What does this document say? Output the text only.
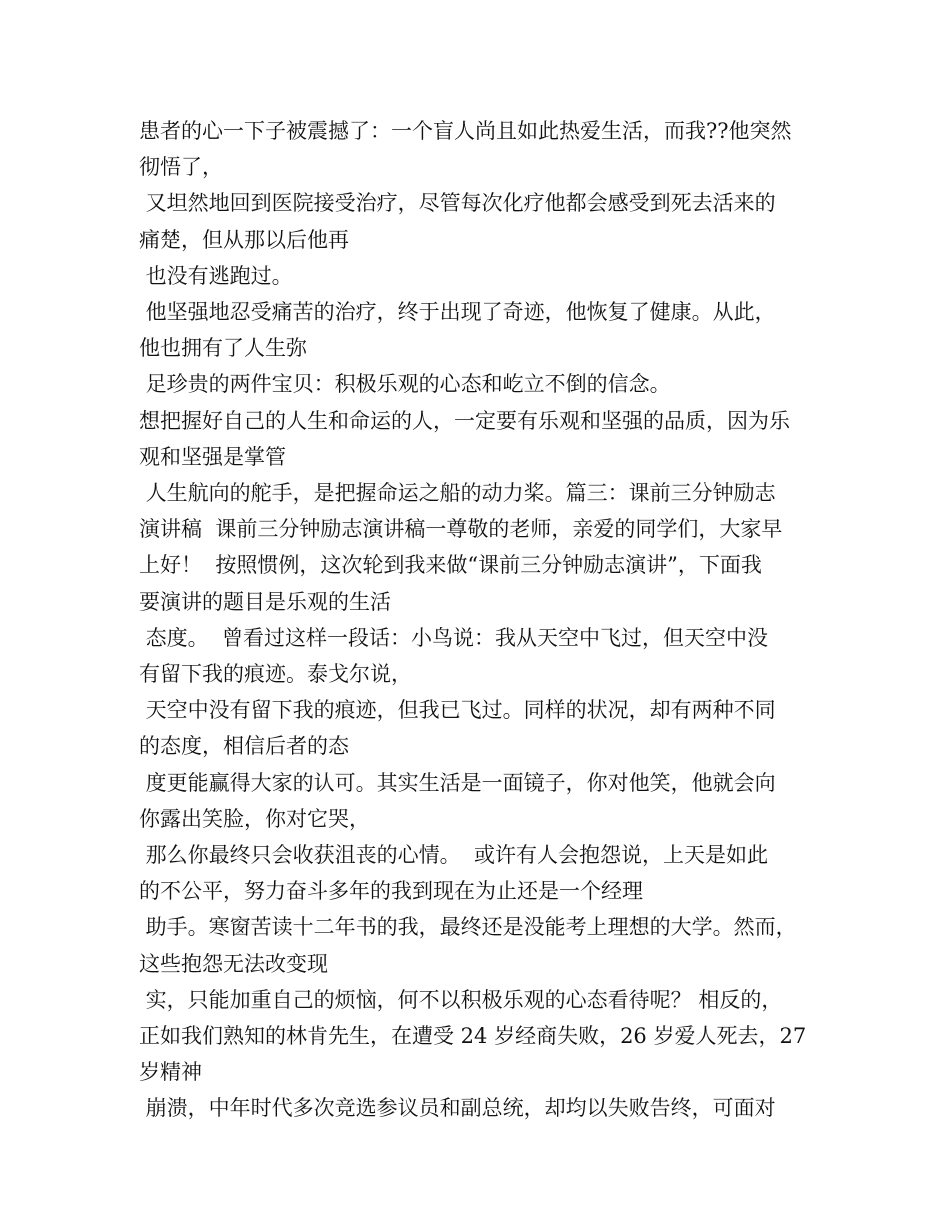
患者的心一下子被震撼了：一个盲人尚且如此热爱生活，而我??他突然
彻悟了，
又坦然地回到医院接受治疗，尽管每次化疗他都会感受到死去活来的
痛楚，但从那以后他再
也没有逃跑过。
他坚强地忍受痛苦的治疗，终于出现了奇迹，他恢复了健康。从此，
他也拥有了人生弥
足珍贵的两件宝贝：积极乐观的心态和屹立不倒的信念。
想把握好自己的人生和命运的人，一定要有乐观和坚强的品质，因为乐
观和坚强是掌管
人生航向的舵手，是把握命运之船的动力桨。篇三：课前三分钟励志
演讲稿  课前三分钟励志演讲稿一尊敬的老师，亲爱的同学们，大家早
上好！  按照惯例，这次轮到我来做“课前三分钟励志演讲”，下面我
要演讲的题目是乐观的生活
态度。  曾看过这样一段话：小鸟说：我从天空中飞过，但天空中没
有留下我的痕迹。泰戈尔说，
天空中没有留下我的痕迹，但我已飞过。同样的状况，却有两种不同
的态度，相信后者的态
度更能赢得大家的认可。其实生活是一面镜子，你对他笑，他就会向
你露出笑脸，你对它哭，
那么你最终只会收获沮丧的心情。  或许有人会抱怨说，上天是如此
的不公平，努力奋斗多年的我到现在为止还是一个经理
助手。寒窗苦读十二年书的我，最终还是没能考上理想的大学。然而，
这些抱怨无法改变现
实，只能加重自己的烦恼，何不以积极乐观的心态看待呢？ 相反的，
正如我们熟知的林肯先生，在遭受 24 岁经商失败，26 岁爱人死去，27
岁精神
崩溃，中年时代多次竞选参议员和副总统，却均以失败告终，可面对
